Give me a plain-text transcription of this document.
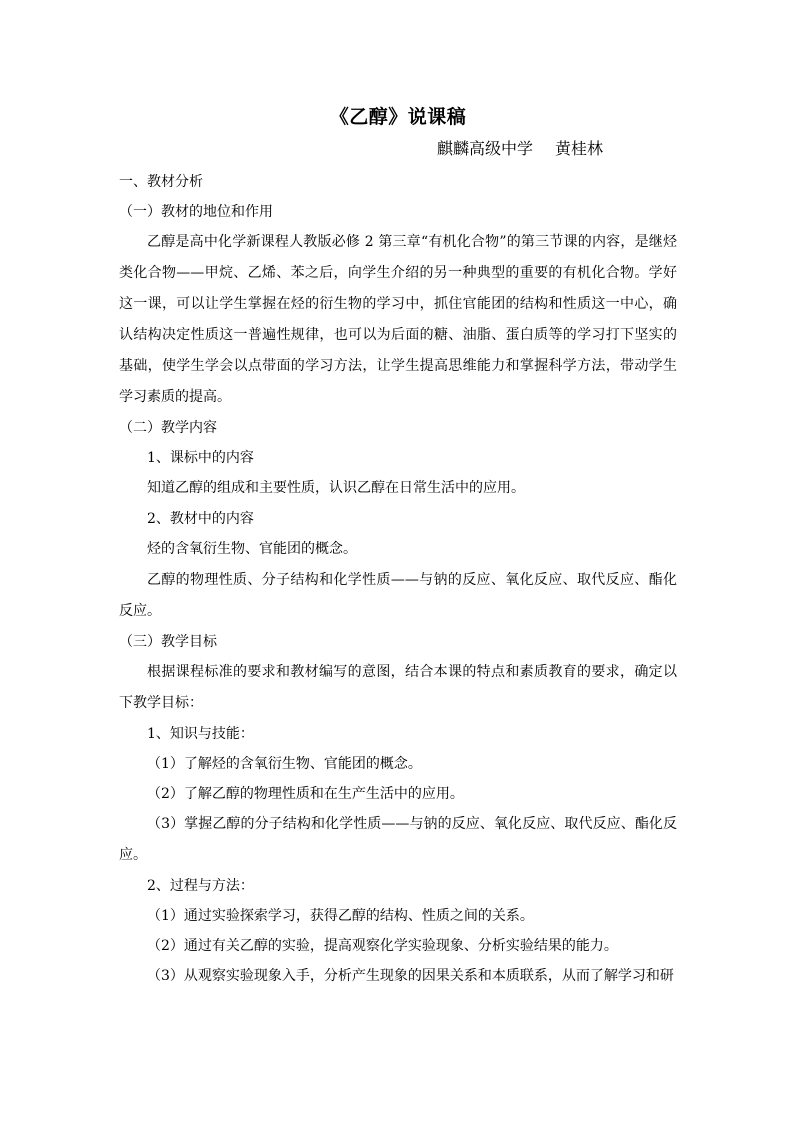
《乙醇》说课稿
麒麟高级中学 黄桂林

一、教材分析

（一）教材的地位和作用

乙醇是高中化学新课程人教版必修 2 第三章“有机化合物”的第三节课的内容，是继烃类化合物——甲烷、乙烯、苯之后，向学生介绍的另一种典型的重要的有机化合物。学好这一课，可以让学生掌握在烃的衍生物的学习中，抓住官能团的结构和性质这一中心，确认结构决定性质这一普遍性规律，也可以为后面的糖、油脂、蛋白质等的学习打下坚实的基础，使学生学会以点带面的学习方法，让学生提高思维能力和掌握科学方法，带动学生学习素质的提高。

（二）教学内容

1、课标中的内容

知道乙醇的组成和主要性质，认识乙醇在日常生活中的应用。

2、教材中的内容

烃的含氧衍生物、官能团的概念。

乙醇的物理性质、分子结构和化学性质——与钠的反应、氧化反应、取代反应、酯化反应。

（三）教学目标

根据课程标准的要求和教材编写的意图，结合本课的特点和素质教育的要求，确定以下教学目标：

1、知识与技能：

（1）了解烃的含氧衍生物、官能团的概念。

（2）了解乙醇的物理性质和在生产生活中的应用。

（3）掌握乙醇的分子结构和化学性质——与钠的反应、氧化反应、取代反应、酯化反应。

2、过程与方法：

（1）通过实验探索学习，获得乙醇的结构、性质之间的关系。

（2）通过有关乙醇的实验，提高观察化学实验现象、分析实验结果的能力。

（3）从观察实验现象入手，分析产生现象的因果关系和本质联系，从而了解学习和研
